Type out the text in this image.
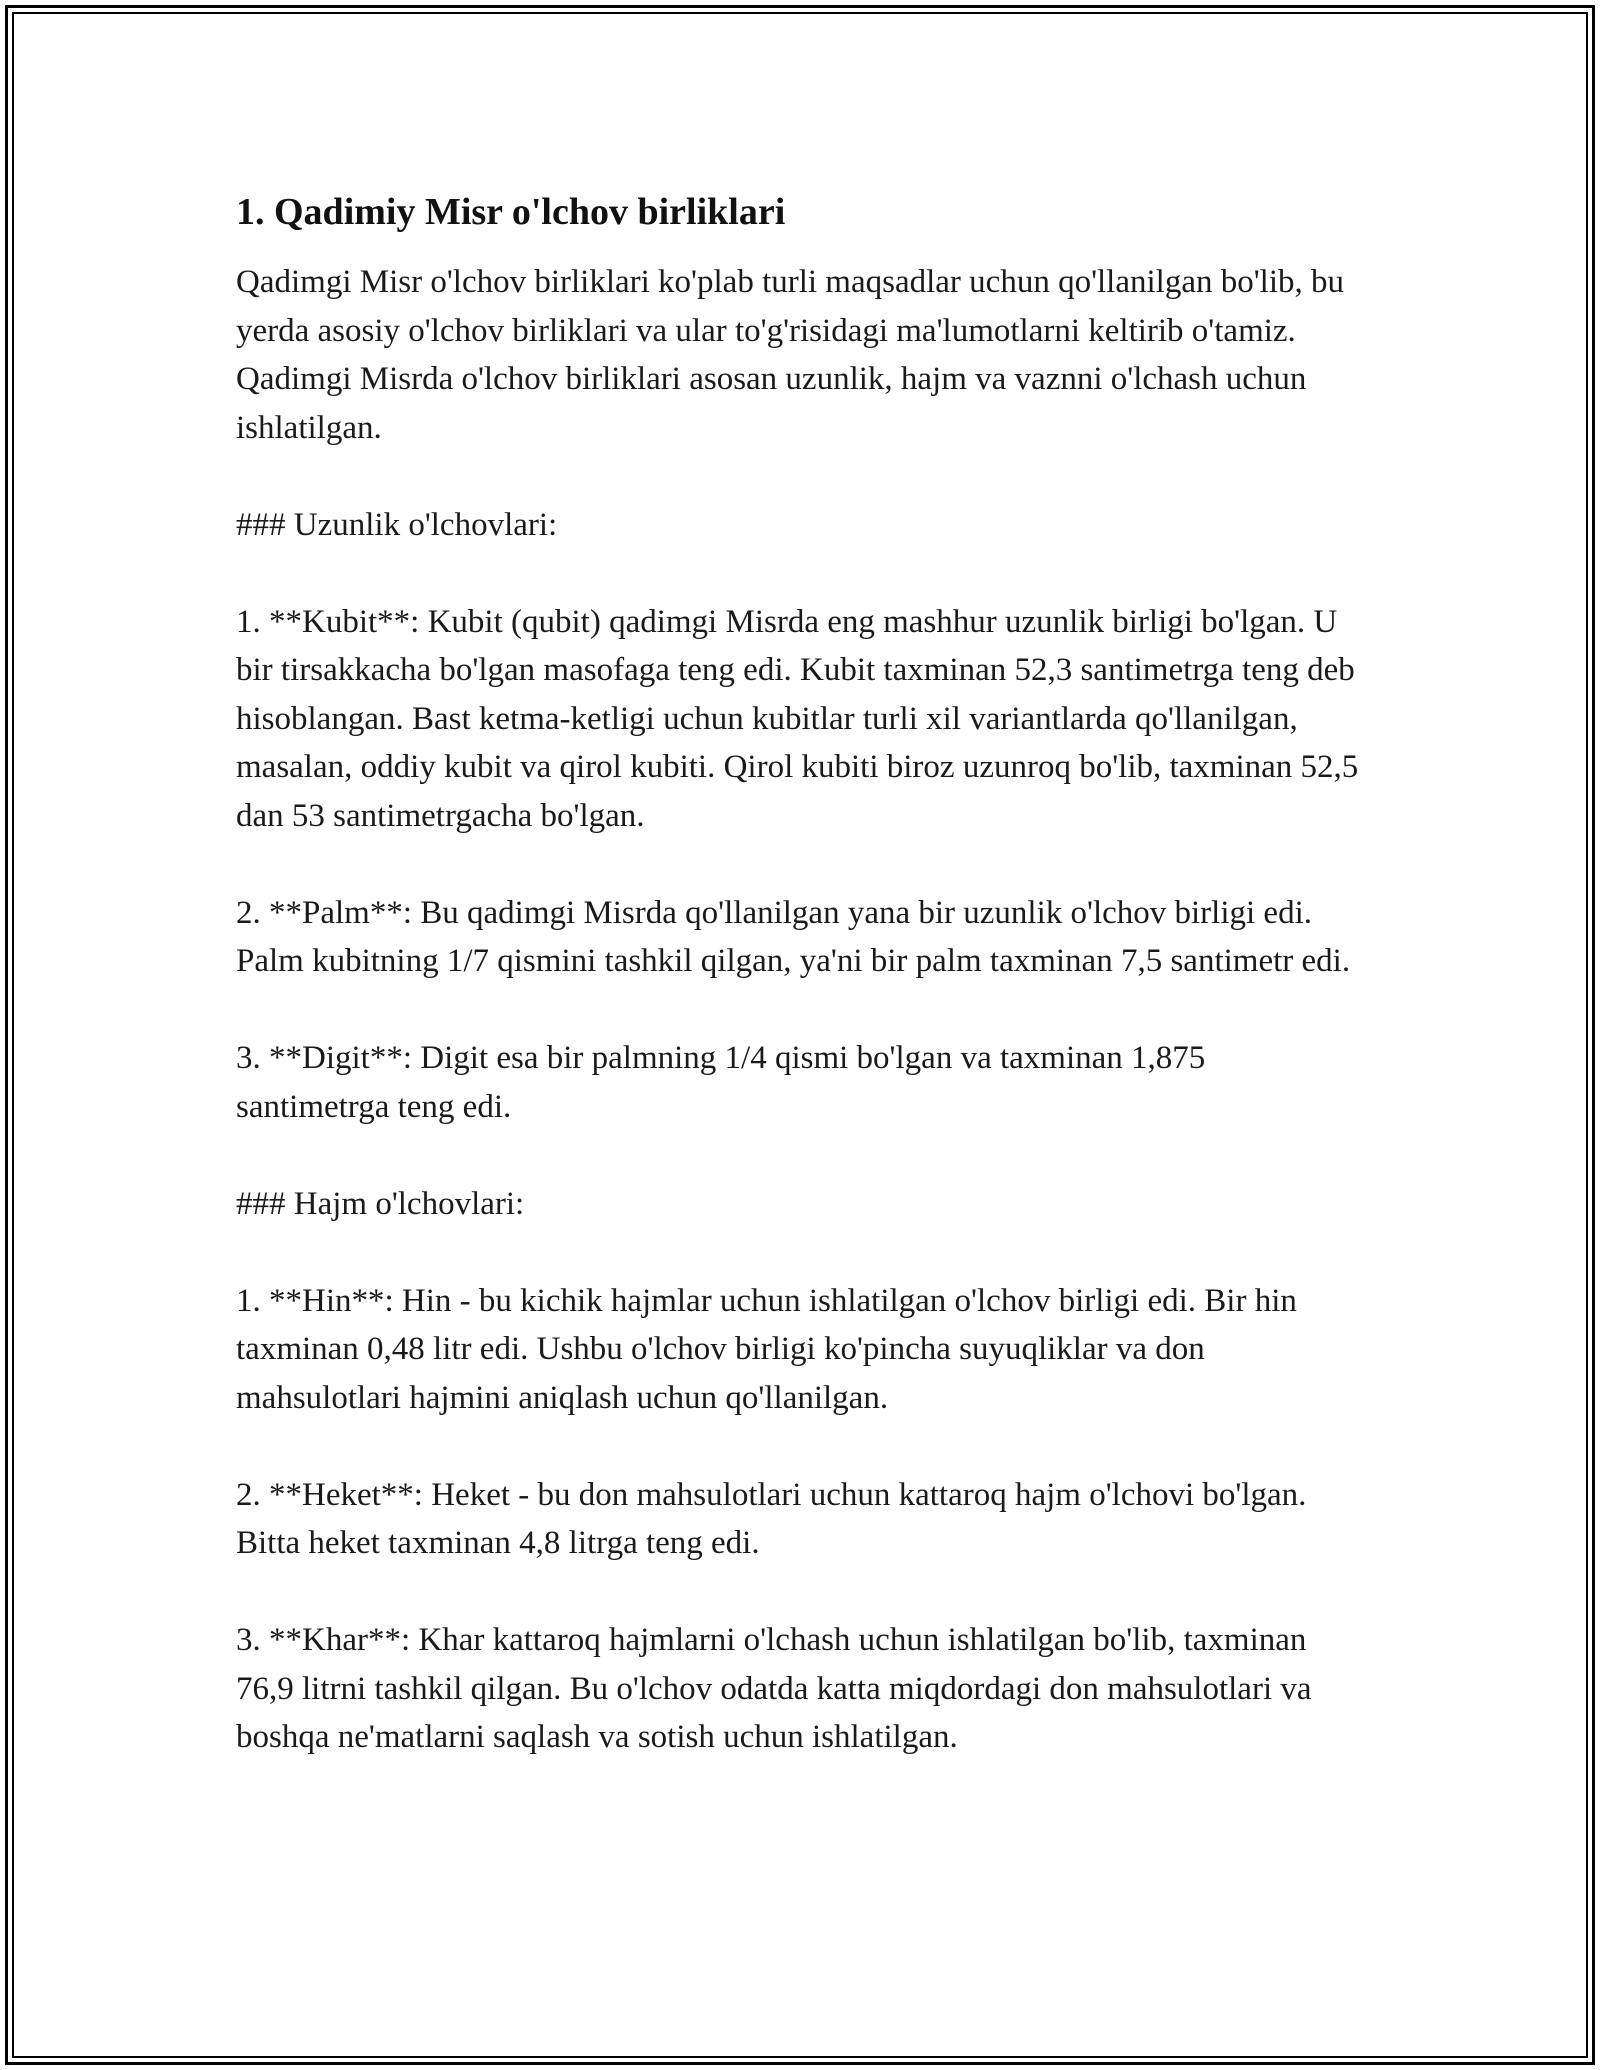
1. Qadimiy Misr o'lchov birliklari

Qadimgi Misr o'lchov birliklari ko'plab turli maqsadlar uchun qo'llanilgan bo'lib, bu yerda asosiy o'lchov birliklari va ular to'g'risidagi ma'lumotlarni keltirib o'tamiz. Qadimgi Misrda o'lchov birliklari asosan uzunlik, hajm va vaznni o'lchash uchun ishlatilgan.

### Uzunlik o'lchovlari:

1. **Kubit**: Kubit (qubit) qadimgi Misrda eng mashhur uzunlik birligi bo'lgan. U bir tirsakkacha bo'lgan masofaga teng edi. Kubit taxminan 52,3 santimetrga teng deb hisoblangan. Bast ketma-ketligi uchun kubitlar turli xil variantlarda qo'llanilgan, masalan, oddiy kubit va qirol kubiti. Qirol kubiti biroz uzunroq bo'lib, taxminan 52,5 dan 53 santimetrgacha bo'lgan.

2. **Palm**: Bu qadimgi Misrda qo'llanilgan yana bir uzunlik o'lchov birligi edi. Palm kubitning 1/7 qismini tashkil qilgan, ya'ni bir palm taxminan 7,5 santimetr edi.

3. **Digit**: Digit esa bir palmning 1/4 qismi bo'lgan va taxminan 1,875 santimetrga teng edi.

### Hajm o'lchovlari:

1. **Hin**: Hin - bu kichik hajmlar uchun ishlatilgan o'lchov birligi edi. Bir hin taxminan 0,48 litr edi. Ushbu o'lchov birligi ko'pincha suyuqliklar va don mahsulotlari hajmini aniqlash uchun qo'llanilgan.

2. **Heket**: Heket - bu don mahsulotlari uchun kattaroq hajm o'lchovi bo'lgan. Bitta heket taxminan 4,8 litrga teng edi.

3. **Khar**: Khar kattaroq hajmlarni o'lchash uchun ishlatilgan bo'lib, taxminan 76,9 litrni tashkil qilgan. Bu o'lchov odatda katta miqdordagi don mahsulotlari va boshqa ne'matlarni saqlash va sotish uchun ishlatilgan.
